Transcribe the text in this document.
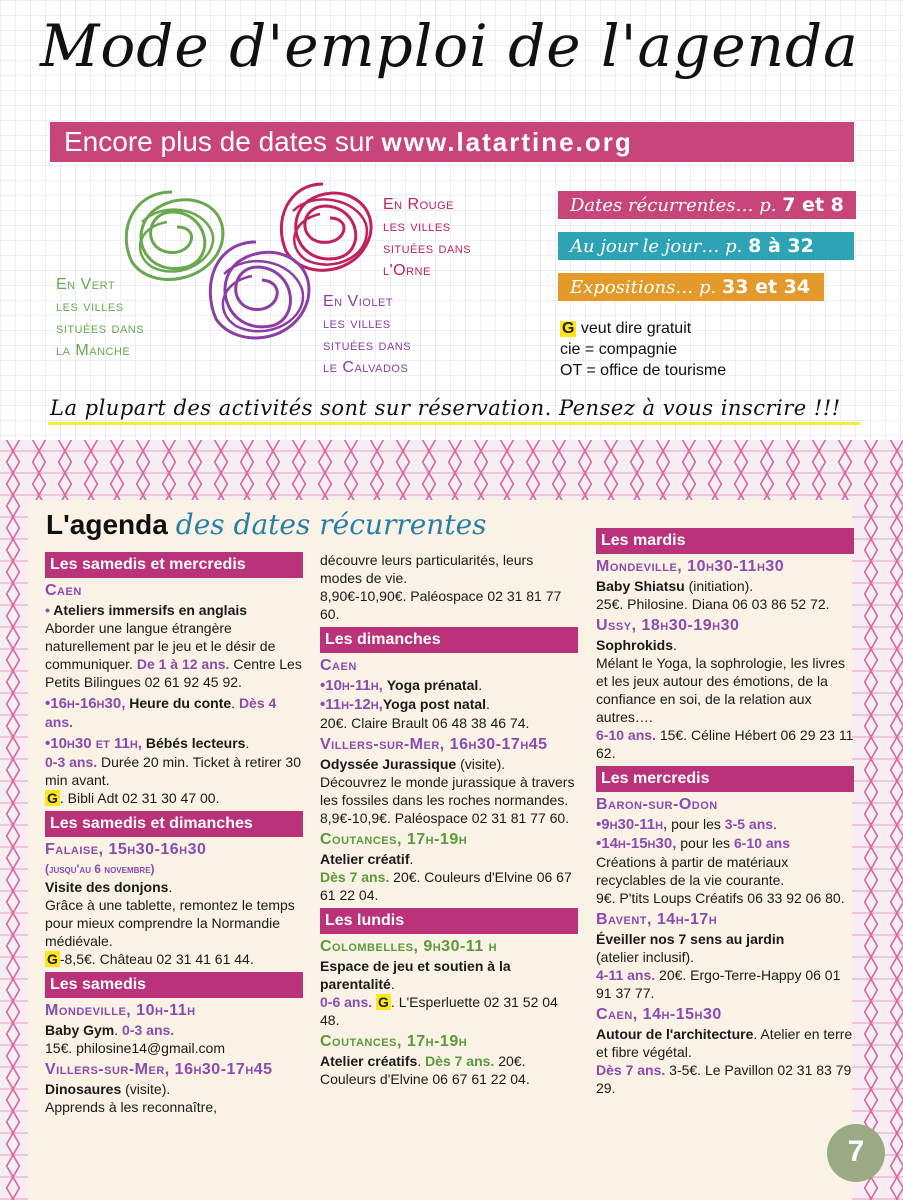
Mode d'emploi de l'agenda
Encore plus de dates sur www.latartine.org
En Vert
les villes
situées dans
la Manche
En Rouge
les villes
situées dans
l'Orne
En Violet
les villes
situées dans
le Calvados
Dates récurrentes… p. 7 et 8
Au jour le jour… p. 8 à 32
Expositions… p. 33 et 34
G veut dire gratuit
cie = compagnie
OT = office de tourisme
La plupart des activités sont sur réservation. Pensez à vous inscrire !!!
L'agenda des dates récurrentes
Les samedis et mercredis
Caen
• Ateliers immersifs en anglais
Aborder une langue étrangère naturellement par le jeu et le désir de communiquer. De 1 à 12 ans. Centre Les Petits Bilingues 02 61 92 45 92.
•16h-16h30, Heure du conte. Dès 4 ans.
•10h30 et 11h, Bébés lecteurs.
0-3 ans. Durée 20 min. Ticket à retirer 30 min avant.
G . Bibli Adt 02 31 30 47 00.
Les samedis et dimanches
Falaise, 15h30-16h30
(jusqu'au 6 novembre)
Visite des donjons.
Grâce à une tablette, remontez le temps pour mieux comprendre la Normandie médiévale.
G -8,5€. Château 02 31 41 61 44.
Les samedis
Mondeville, 10h-11h
Baby Gym. 0-3 ans.
15€. philosine14@gmail.com
Villers-sur-Mer, 16h30-17h45
Dinosaures (visite).
Apprends à les reconnaître,
découvre leurs particularités, leurs modes de vie.
8,90€-10,90€. Paléospace 02 31 81 77 60.
Les dimanches
Caen
•10h-11h, Yoga prénatal.
•11h-12h,Yoga post natal.
20€. Claire Brault 06 48 38 46 74.
Villers-sur-Mer, 16h30-17h45
Odyssée Jurassique (visite).
Découvrez le monde jurassique à travers les fossiles dans les roches normandes.
8,9€-10,9€. Paléospace 02 31 81 77 60.
Coutances, 17h-19h
Atelier créatif.
Dès 7 ans. 20€. Couleurs d'Elvine 06 67 61 22 04.
Les lundis
Colombelles, 9h30-11 h
Espace de jeu et soutien à la parentalité.
0-6 ans. G . L'Esperluette 02 31 52 04 48.
Coutances, 17h-19h
Atelier créatifs. Dès 7 ans. 20€. Couleurs d'Elvine 06 67 61 22 04.
Les mardis
Mondeville, 10h30-11h30
Baby Shiatsu (initiation).
25€. Philosine. Diana 06 03 86 52 72.
Ussy, 18h30-19h30
Sophrokids.
Mélant le Yoga, la sophrologie, les livres et les jeux autour des émotions, de la confiance en soi, de la relation aux autres….
6-10 ans. 15€. Céline Hébert 06 29 23 11 62.
Les mercredis
Baron-sur-Odon
•9h30-11h, pour les 3-5 ans.
•14h-15h30, pour les 6-10 ans
Créations à partir de matériaux recyclables de la vie courante.
9€. P'tits Loups Créatifs 06 33 92 06 80.
Bavent, 14h-17h
Éveiller nos 7 sens au jardin
(atelier inclusif).
4-11 ans. 20€. Ergo-Terre-Happy 06 01 91 37 77.
Caen, 14h-15h30
Autour de l'architecture. Atelier en terre et fibre végétal.
Dès 7 ans. 3-5€. Le Pavillon 02 31 83 79 29.
7
